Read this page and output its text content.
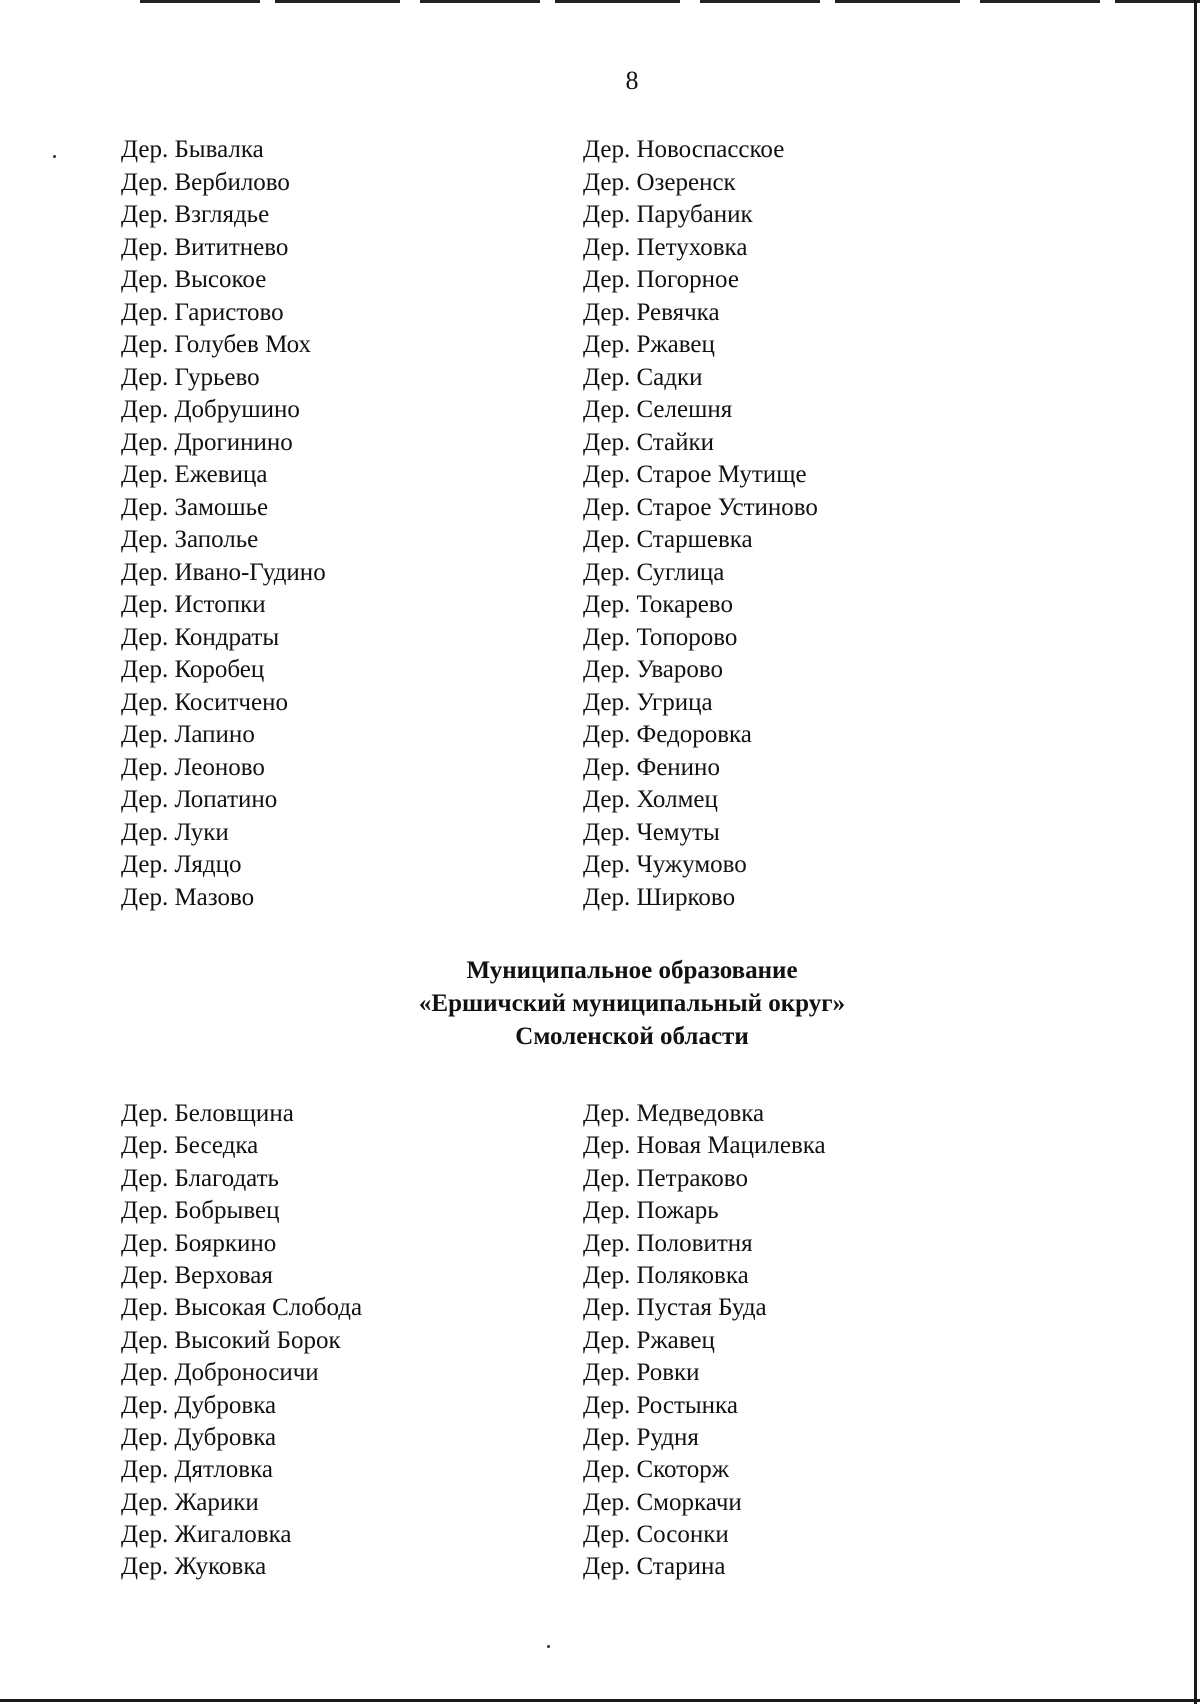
8
Дер. Бывалка
Дер. Вербилово
Дер. Взглядье
Дер. Вититнево
Дер. Высокое
Дер. Гаристово
Дер. Голубев Мох
Дер. Гурьево
Дер. Добрушино
Дер. Дрогинино
Дер. Ежевица
Дер. Замошье
Дер. Заполье
Дер. Ивано-Гудино
Дер. Истопки
Дер. Кондраты
Дер. Коробец
Дер. Коситчено
Дер. Лапино
Дер. Леоново
Дер. Лопатино
Дер. Луки
Дер. Лядцо
Дер. Мазово
Дер. Новоспасское
Дер. Озеренск
Дер. Парубаник
Дер. Петуховка
Дер. Погорное
Дер. Ревячка
Дер. Ржавец
Дер. Садки
Дер. Селешня
Дер. Стайки
Дер. Старое Мутище
Дер. Старое Устиново
Дер. Старшевка
Дер. Суглица
Дер. Токарево
Дер. Топорово
Дер. Уварово
Дер. Угрица
Дер. Федоровка
Дер. Фенино
Дер. Холмец
Дер. Чемуты
Дер. Чужумово
Дер. Ширково
Муниципальное образование
«Ершичский муниципальный округ»
Смоленской области
Дер. Беловщина
Дер. Беседка
Дер. Благодать
Дер. Бобрывец
Дер. Бояркино
Дер. Верховая
Дер. Высокая Слобода
Дер. Высокий Борок
Дер. Доброносичи
Дер. Дубровка
Дер. Дубровка
Дер. Дятловка
Дер. Жарики
Дер. Жигаловка
Дер. Жуковка
Дер. Медведовка
Дер. Новая Мацилевка
Дер. Петраково
Дер. Пожарь
Дер. Половитня
Дер. Поляковка
Дер. Пустая Буда
Дер. Ржавец
Дер. Ровки
Дер. Ростынка
Дер. Рудня
Дер. Скоторж
Дер. Сморкачи
Дер. Сосонки
Дер. Старина
